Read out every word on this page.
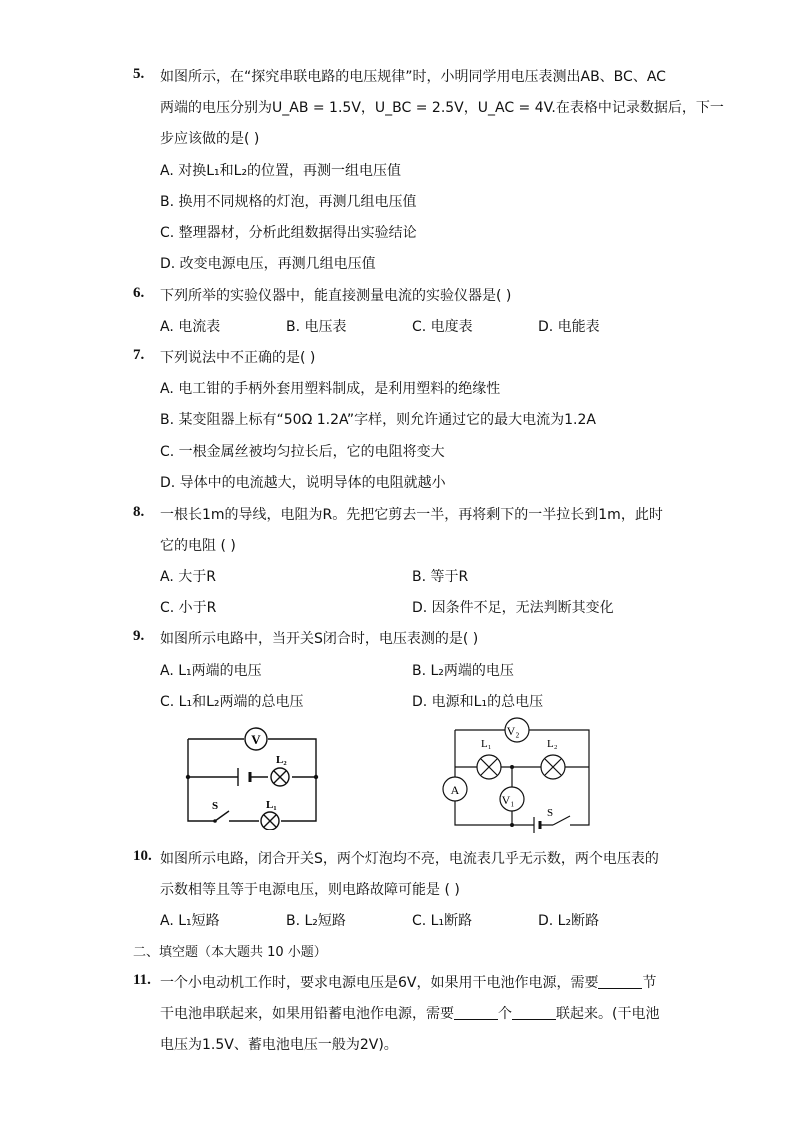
5. 如图所示，在“探究串联电路的电压规律”时，小明同学用电压表测出AB、BC、AC
两端的电压分别为U_AB = 1.5V，U_BC = 2.5V，U_AC = 4V.在表格中记录数据后，下一
步应该做的是( )
A. 对换L₁和L₂的位置，再测一组电压值
B. 换用不同规格的灯泡，再测几组电压值
C. 整理器材，分析此组数据得出实验结论
D. 改变电源电压，再测几组电压值
6. 下列所举的实验仪器中，能直接测量电流的实验仪器是( )
A. 电流表	B. 电压表	C. 电度表	D. 电能表
7. 下列说法中不正确的是( )
A. 电工钳的手柄外套用塑料制成，是利用塑料的绝缘性
B. 某变阻器上标有“50Ω 1.2A”字样，则允许通过它的最大电流为1.2A
C. 一根金属丝被均匀拉长后，它的电阻将变大
D. 导体中的电流越大，说明导体的电阻就越小
8. 一根长1m的导线，电阻为R。先把它剪去一半，再将剩下的一半拉长到1m，此时
它的电阻 ( )
A. 大于R	B. 等于R
C. 小于R	D. 因条件不足，无法判断其变化
9. 如图所示电路中，当开关S闭合时，电压表测的是( )
A. L₁两端的电压	B. L₂两端的电压
C. L₁和L₂两端的总电压	D. 电源和L₁的总电压
V
L₂
L₁
S
V₂
V₁
L₁	L₂
A
S
10. 如图所示电路，闭合开关S，两个灯泡均不亮，电流表几乎无示数，两个电压表的
示数相等且等于电源电压，则电路故障可能是 ( )
A. L₁短路	B. L₂短路	C. L₁断路	D. L₂断路
二、填空题（本大题共 10 小题）
11. 一个小电动机工作时，要求电源电压是6V，如果用干电池作电源，需要	节
干电池串联起来，如果用铅蓄电池作电源，需要	个	联起来。(干电池
电压为1.5V、蓄电池电压一般为2V)。
